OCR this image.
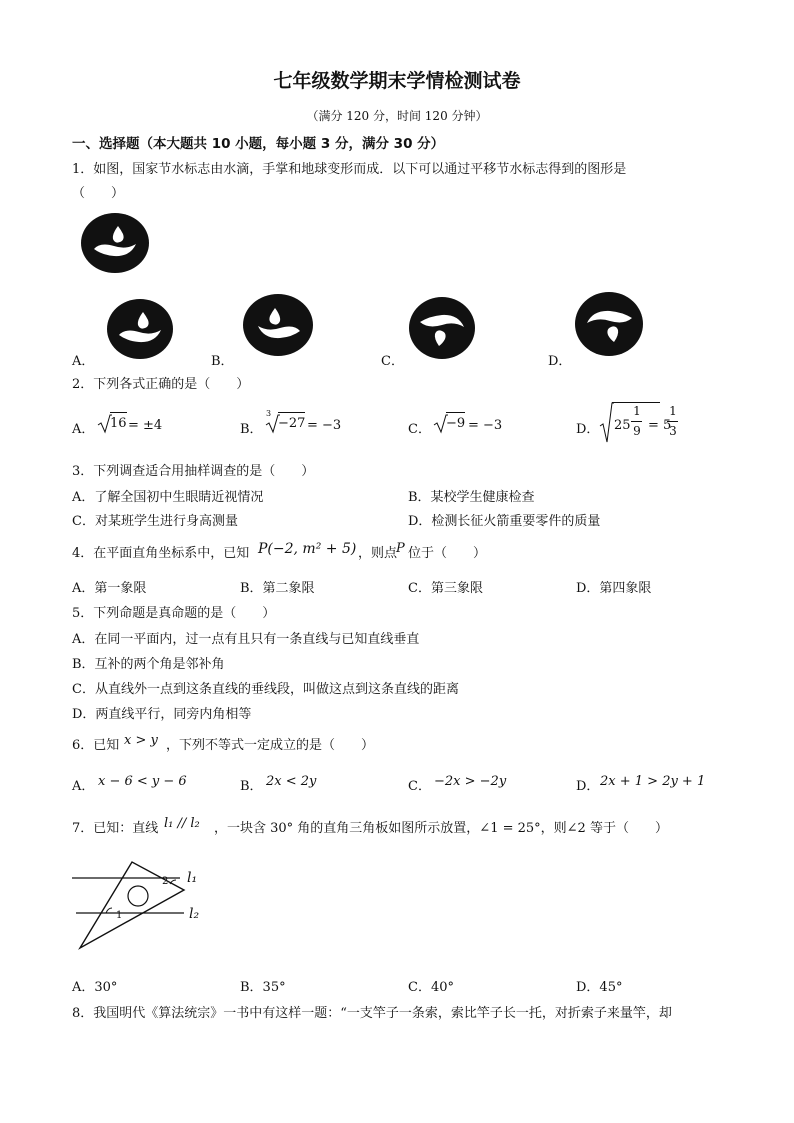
七年级数学期末学情检测试卷
（满分 120 分，时间 120 分钟）
一、选择题（本大题共 10 小题，每小题 3 分，满分 30 分）
1．如图，国家节水标志由水滴，手掌和地球变形而成．以下可以通过平移节水标志得到的图形是
（　　）
A．	B．	C．	D．
2．下列各式正确的是（　　）
A． 16 = ±4	B．
3
−27 = −3	C． −9 = −3	D． 25
1
9 = 5
1
3
3．下列调查适合用抽样调查的是（　　）
A．了解全国初中生眼睛近视情况	B．某校学生健康检查
C．对某班学生进行身高测量	D．检测长征火箭重要零件的质量
4．在平面直角坐标系中，已知 P(−2, m² + 5) ，则点
P 位于（　　）
A．第一象限	B．第二象限	C．第三象限	D．第四象限
5．下列命题是真命题的是（　　）
A．在同一平面内，过一点有且只有一条直线与已知直线垂直
B．互补的两个角是邻补角
C．从直线外一点到这条直线的垂线段，叫做这点到这条直线的距离
D．两直线平行，同旁内角相等
6．已知 x > y ，下列不等式一定成立的是（　　）
A． x − 6 < y − 6	B． 2x < 2y	C． −2x > −2y	D． 2x + 1 > 2y + 1
7．已知：直线 l₁ // l₂ ，一块含 30° 角的直角三角板如图所示放置，∠1 = 25°，则∠2 等于（　　）
l₁
l₂
2
1
A．30°	B．35°	C．40°	D．45°
8．我国明代《算法统宗》一书中有这样一题：“一支竿子一条索，索比竿子长一托，对折索子来量竿，却
